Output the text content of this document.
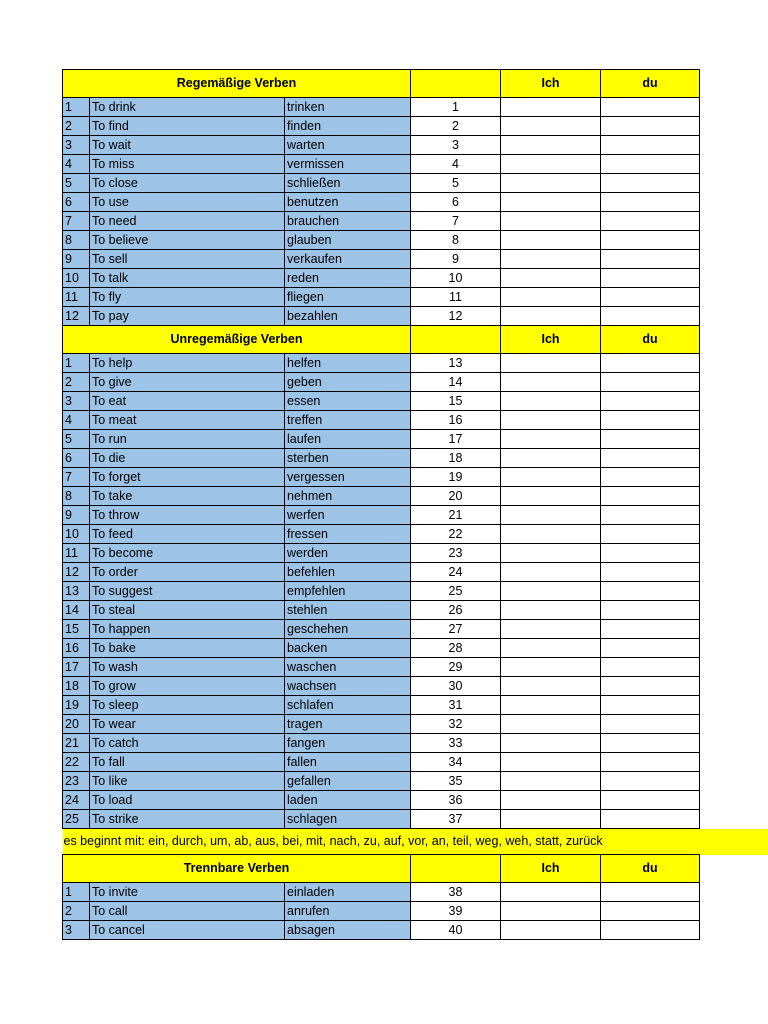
Regemäßige Verben				Ich	du
1	To drink	trinken	1		
2	To find	finden	2		
3	To wait	warten	3		
4	To miss	vermissen	4		
5	To close	schließen	5		
6	To use	benutzen	6		
7	To need	brauchen	7		
8	To believe	glauben	8		
9	To sell	verkaufen	9		
10	To talk	reden	10		
11	To fly	fliegen	11		
12	To pay	bezahlen	12		
Unregemäßige Verben				Ich	du
1	To help	helfen	13		
2	To give	geben	14		
3	To eat	essen	15		
4	To meat	treffen	16		
5	To run	laufen	17		
6	To die	sterben	18		
7	To forget	vergessen	19		
8	To take	nehmen	20		
9	To throw	werfen	21		
10	To feed	fressen	22		
11	To become	werden	23		
12	To order	befehlen	24		
13	To suggest	empfehlen	25		
14	To steal	stehlen	26		
15	To happen	geschehen	27		
16	To bake	backen	28		
17	To wash	waschen	29		
18	To grow	wachsen	30		
19	To sleep	schlafen	31		
20	To wear	tragen	32		
21	To catch	fangen	33		
22	To fall	fallen	34		
23	To like	gefallen	35		
24	To load	laden	36		
25	To strike	schlagen	37		
es beginnt mit: ein, durch, um, ab, aus, bei, mit, nach, zu, auf, vor, an, teil, weg, weh, statt, zurück					
Trennbare Verben				Ich	du
1	To invite	einladen	38		
2	To call	anrufen	39		
3	To cancel	absagen	40		
